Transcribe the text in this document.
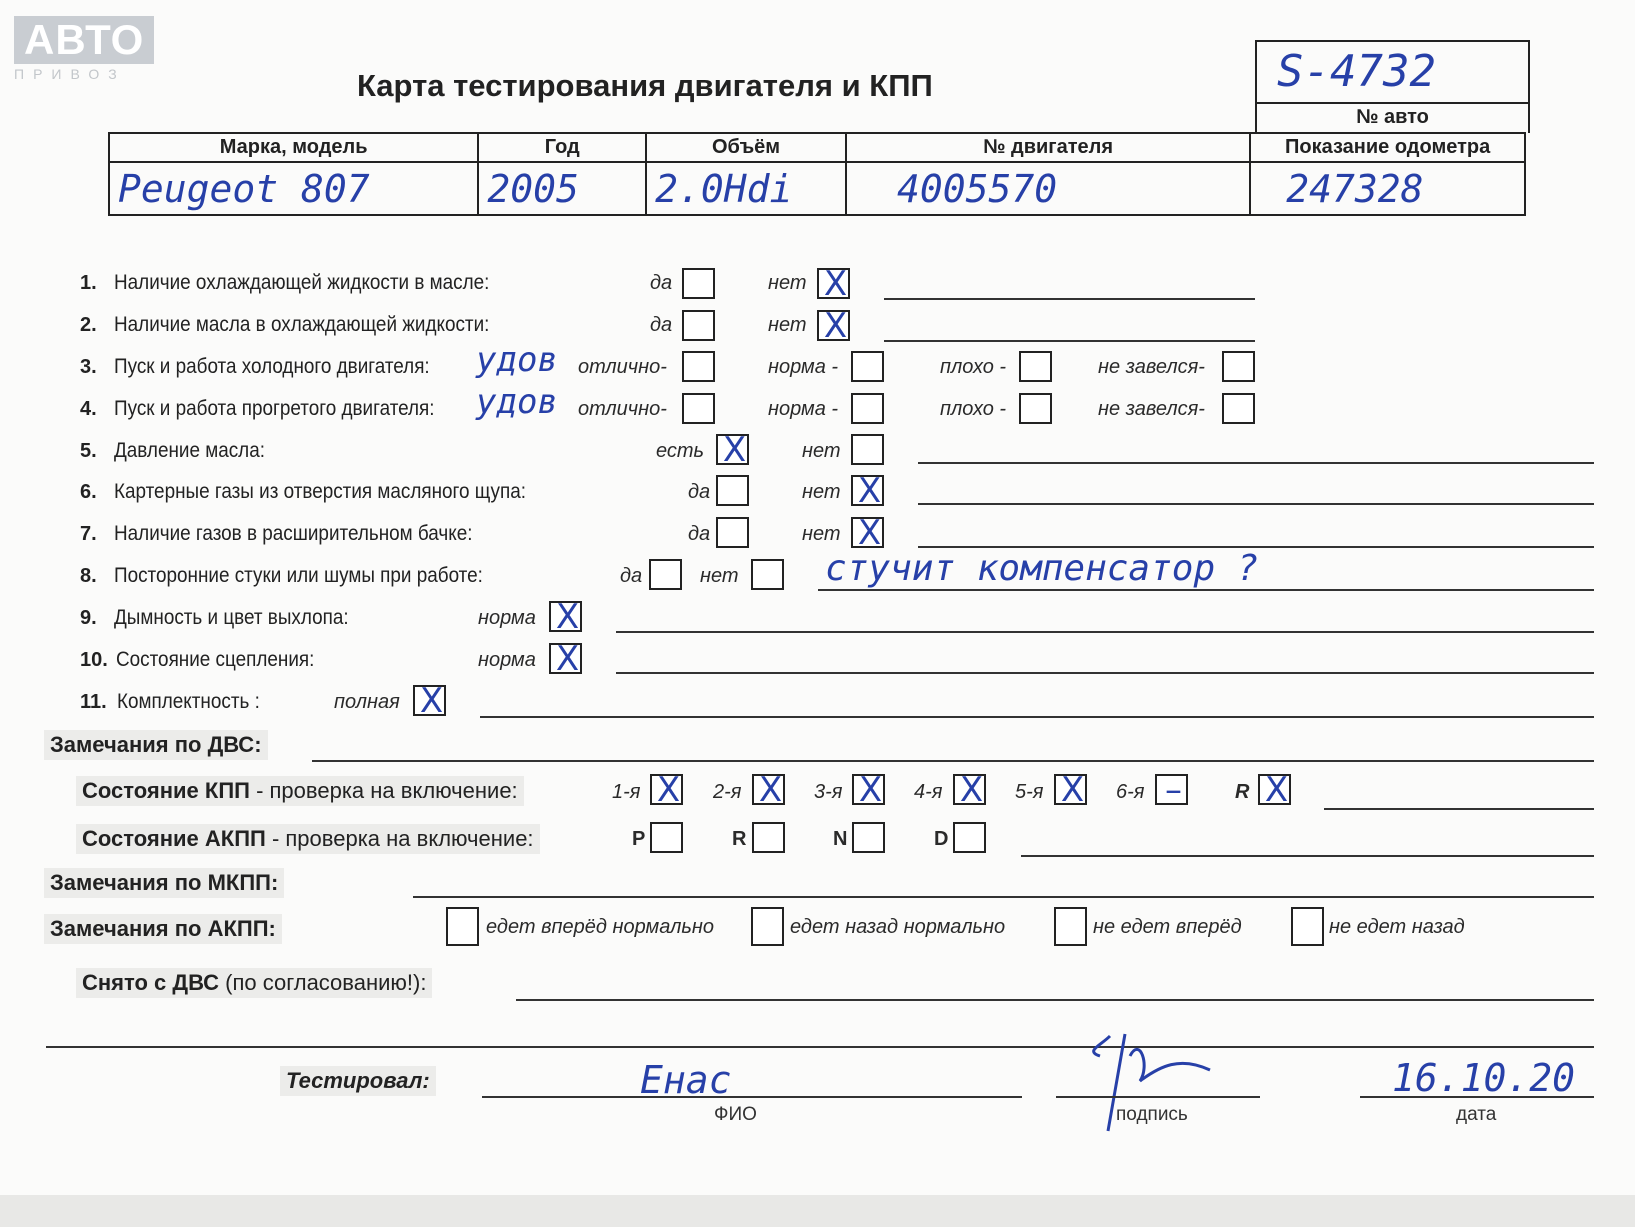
АВТО
ПРИВОЗ	Карта тестирования двигателя и КПП	S-4732
№ авто
Марка, модель	Год	Объём	№ двигателя	Показание одометра

Peugeot 807	2005	2.0Hdi	4005570	247328
1. Наличие охлаждающей жидкости в масле:	да	нет X
2. Наличие масла в охлаждающей жидкости:	да	нет X
3. Пуск и работа холодного двигателя: удов отлично-	норма -	плохо -	не завелся-
4. Пуск и работа прогретого двигателя: удов отлично-	норма -	плохо -	не завелся-
5. Давление масла:	есть X	нет
6. Картерные газы из отверстия масляного щупа:	да	нет X
7. Наличие газов в расширительном бачке:	да	нет X
8. Посторонние стуки или шумы при работе:	да	нет стучит компенсатор ?
9. Дымность и цвет выхлопа:	норма X
10. Состояние сцепления:	норма X
11. Комплектность :	полная X
Замечания по ДВС:
Состояние КПП - проверка на включение:	1-я X 2-я X 3-я X 4-я X 5-я X 6-я –	R X
Состояние АКПП - проверка на включение:	P	R	N	D
Замечания по МКПП:
Замечания по АКПП:	едет вперёд нормально	едет назад нормально	не едет вперёд	не едет назад
Снято с ДВС (по согласованию!):
Тестировал:	Енас
ФИО	подпись
16.10.20
дата
